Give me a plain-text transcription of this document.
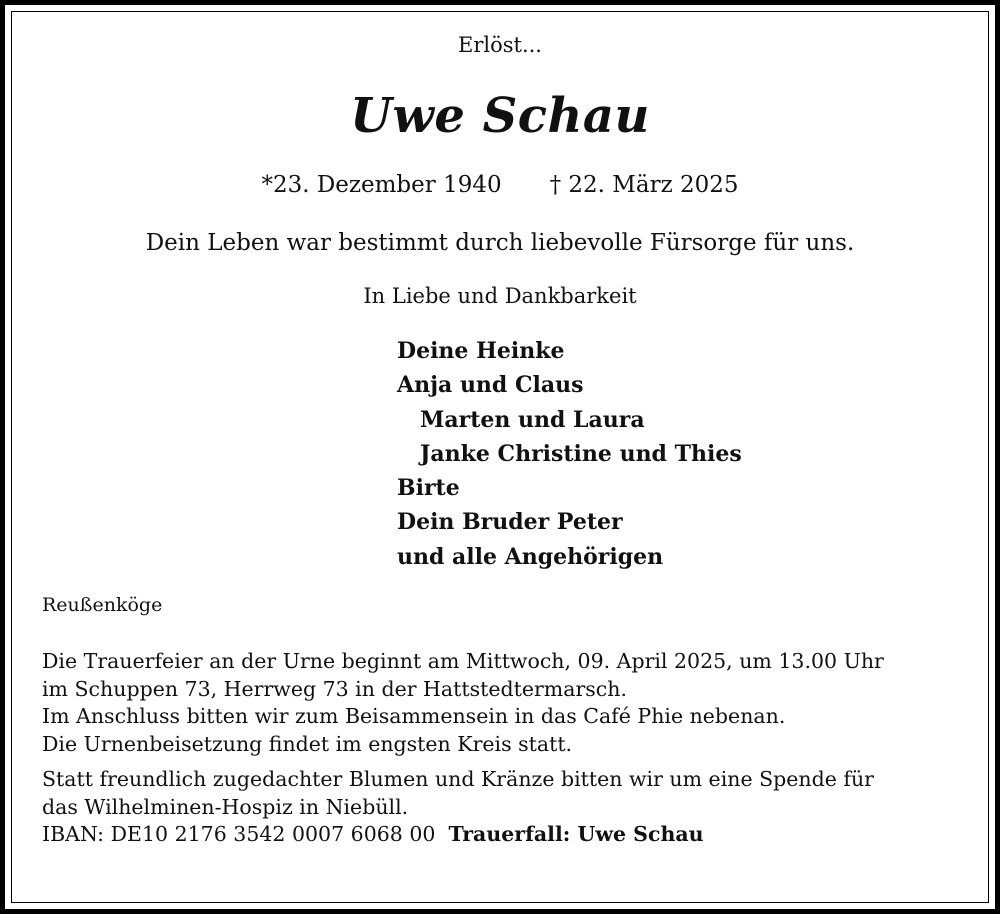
Erlöst...
Uwe Schau
*23. Dezember 1940 † 22. März 2025
Dein Leben war bestimmt durch liebevolle Fürsorge für uns.
In Liebe und Dankbarkeit
Deine Heinke
Anja und Claus
Marten und Laura
Janke Christine und Thies
Birte
Dein Bruder Peter
und alle Angehörigen
Reußenköge
Die Trauerfeier an der Urne beginnt am Mittwoch, 09. April 2025, um 13.00 Uhr
im Schuppen 73, Herrweg 73 in der Hattstedtermarsch.
Im Anschluss bitten wir zum Beisammensein in das Café Phie nebenan.
Die Urnenbeisetzung findet im engsten Kreis statt.
Statt freundlich zugedachter Blumen und Kränze bitten wir um eine Spende für
das Wilhelminen-Hospiz in Niebüll.
IBAN: DE10 2176 3542 0007 6068 00 Trauerfall: Uwe Schau
